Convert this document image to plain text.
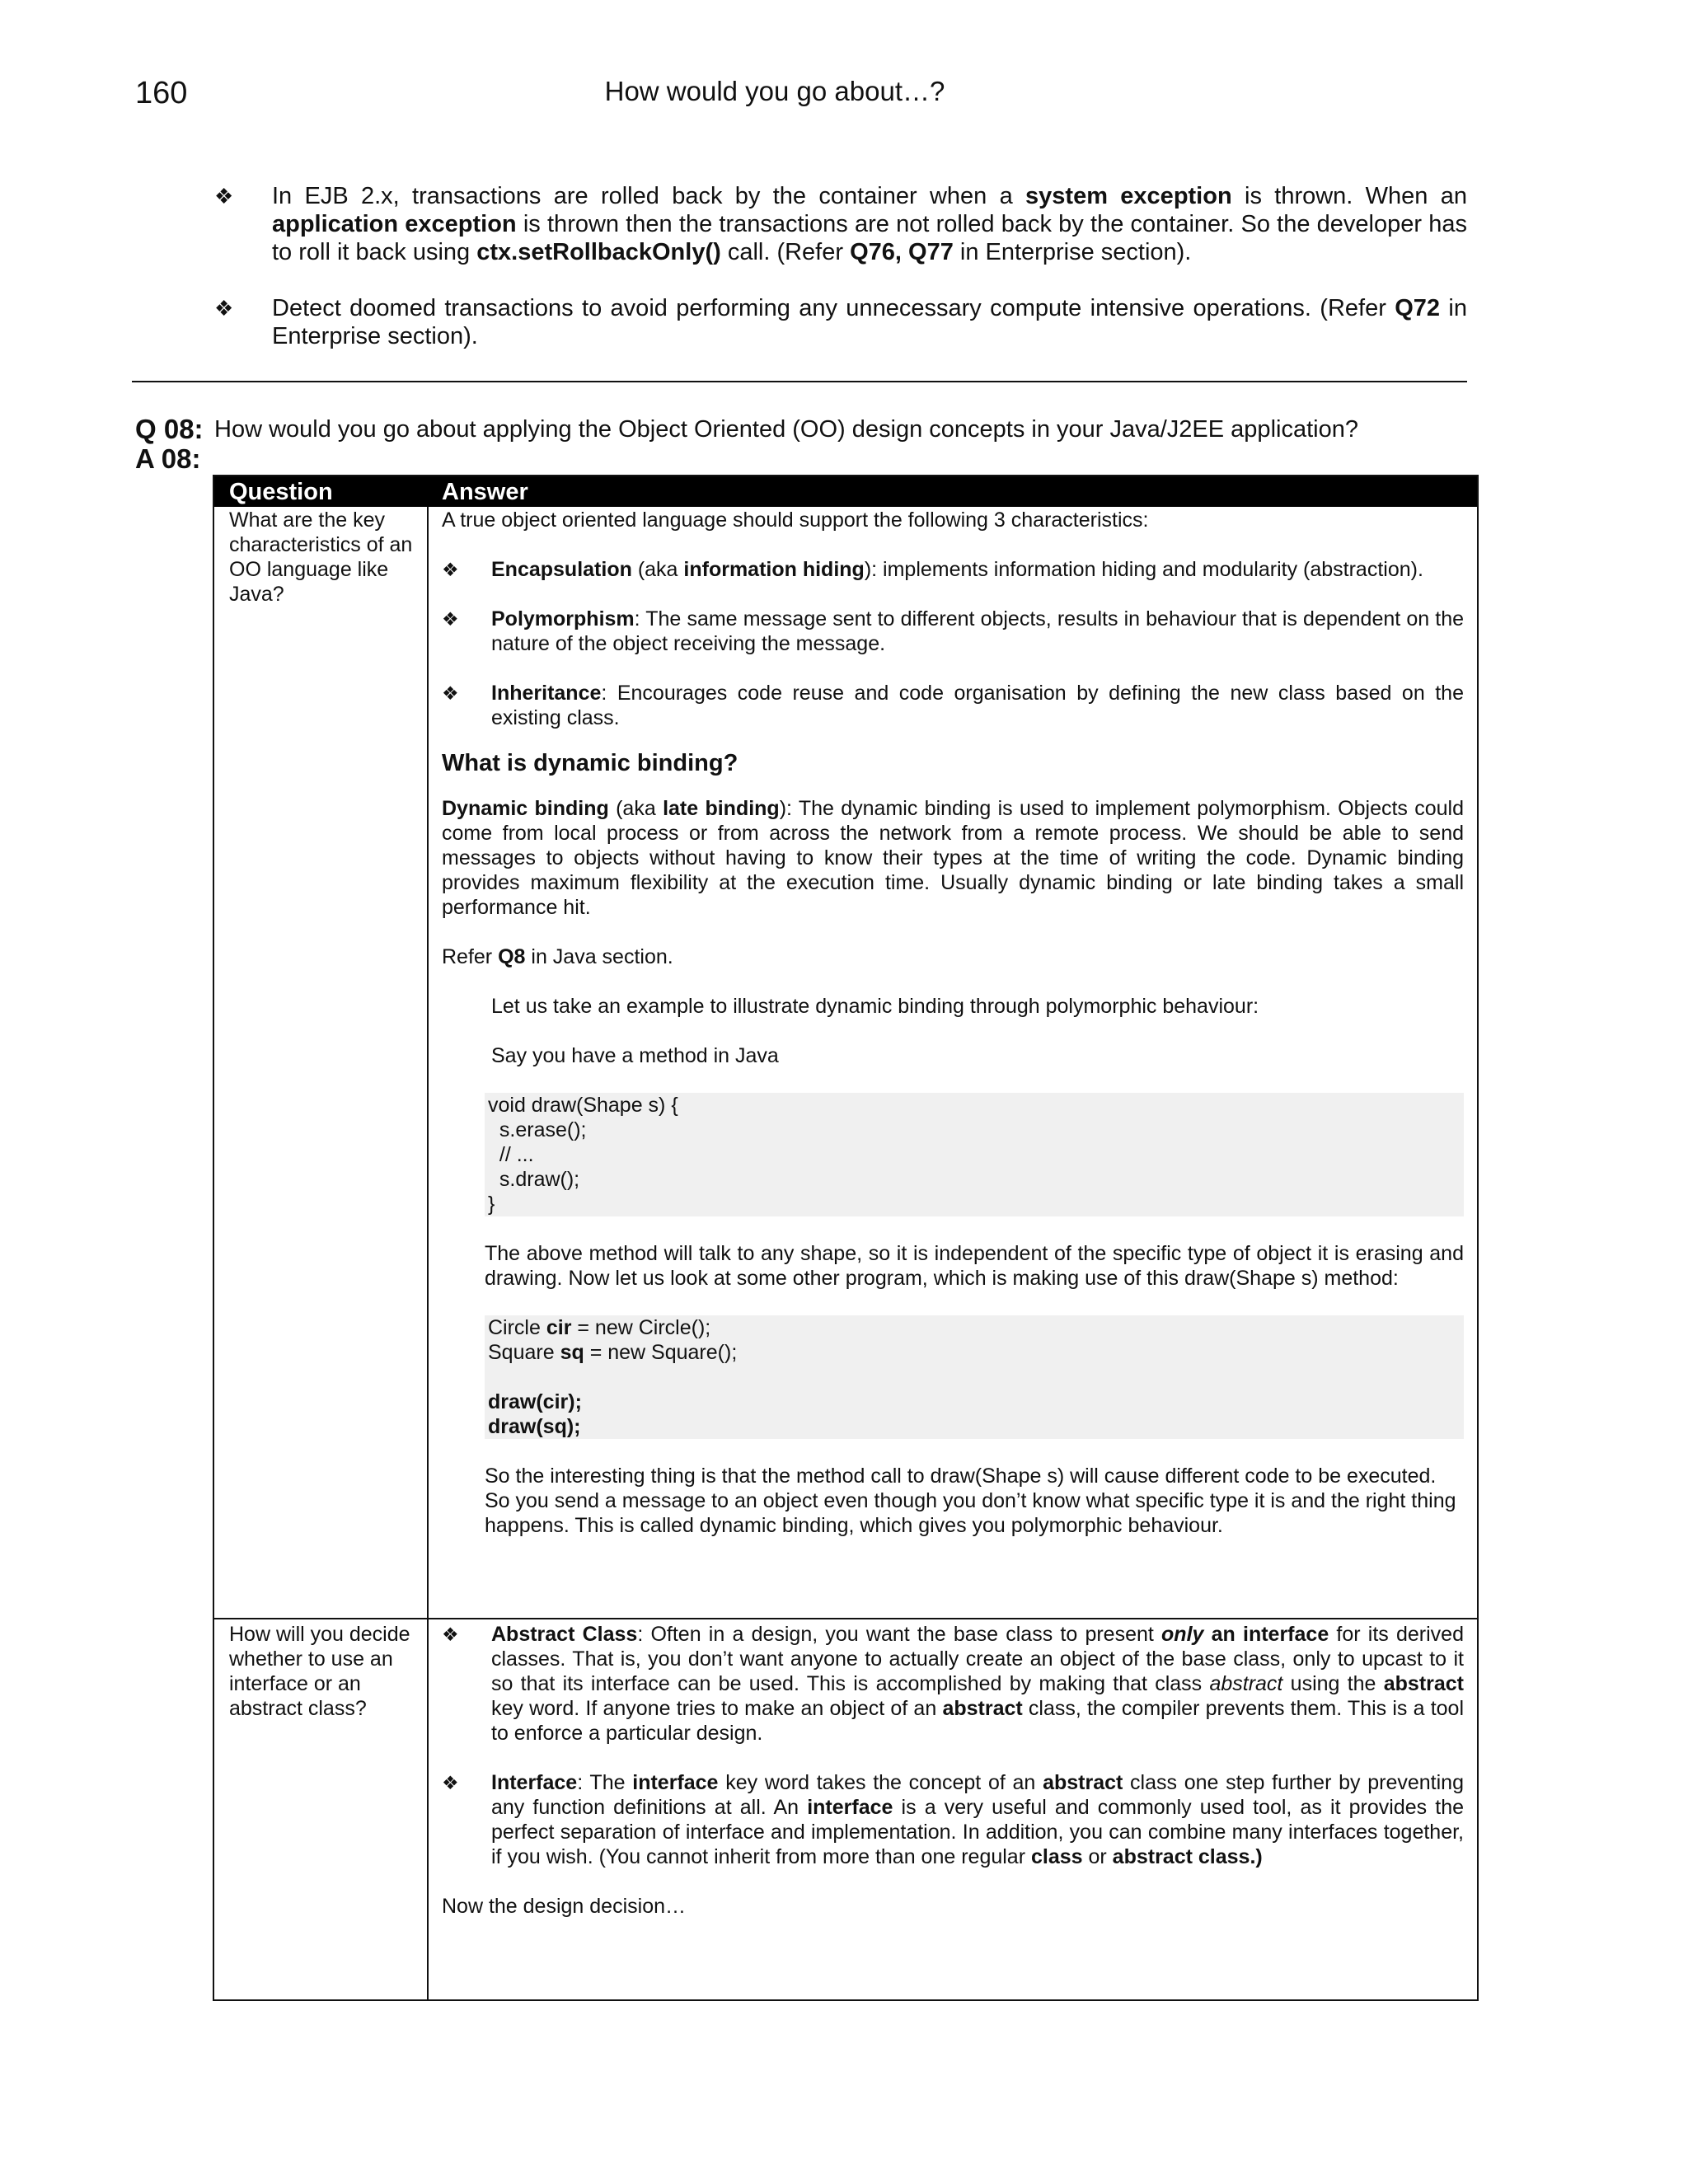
160	How would you go about…?
❖ In EJB 2.x, transactions are rolled back by the container when a system exception is thrown. When an application exception is thrown then the transactions are not rolled back by the container. So the developer has to roll it back using ctx.setRollbackOnly() call. (Refer Q76, Q77 in Enterprise section).
❖ Detect doomed transactions to avoid performing any unnecessary compute intensive operations. (Refer Q72 in Enterprise section).
Q 08: How would you go about applying the Object Oriented (OO) design concepts in your Java/J2EE application?
A 08:
Question	Answer
What are the key characteristics of an OO language like Java?

A true object oriented language should support the following 3 characteristics:

❖ Encapsulation (aka information hiding): implements information hiding and modularity (abstraction).
❖ Polymorphism: The same message sent to different objects, results in behaviour that is dependent on the nature of the object receiving the message.
❖ Inheritance: Encourages code reuse and code organisation by defining the new class based on the existing class.
What is dynamic binding?

Dynamic binding (aka late binding): The dynamic binding is used to implement polymorphism. Objects could come from local process or from across the network from a remote process. We should be able to send messages to objects without having to know their types at the time of writing the code. Dynamic binding provides maximum flexibility at the execution time. Usually dynamic binding or late binding takes a small performance hit.

Refer Q8 in Java section.

Let us take an example to illustrate dynamic binding through polymorphic behaviour:

Say you have a method in Java

void draw(Shape s) {
s.erase();
// ...
s.draw();
}

The above method will talk to any shape, so it is independent of the specific type of object it is erasing and drawing. Now let us look at some other program, which is making use of this draw(Shape s) method:

Circle cir = new Circle();
Square sq = new Square();

draw(cir);
draw(sq);

So the interesting thing is that the method call to draw(Shape s) will cause different code to be executed. So you send a message to an object even though you don’t know what specific type it is and the right thing happens. This is called dynamic binding, which gives you polymorphic behaviour.

How will you decide whether to use an interface or an abstract class?
❖ Abstract Class: Often in a design, you want the base class to present only an interface for its derived classes. That is, you don’t want anyone to actually create an object of the base class, only to upcast to it so that its interface can be used. This is accomplished by making that class abstract using the abstract key word. If anyone tries to make an object of an abstract class, the compiler prevents them. This is a tool to enforce a particular design.
❖ Interface: The interface key word takes the concept of an abstract class one step further by preventing any function definitions at all. An interface is a very useful and commonly used tool, as it provides the perfect separation of interface and implementation. In addition, you can combine many interfaces together, if you wish. (You cannot inherit from more than one regular class or abstract class.)

Now the design decision…
